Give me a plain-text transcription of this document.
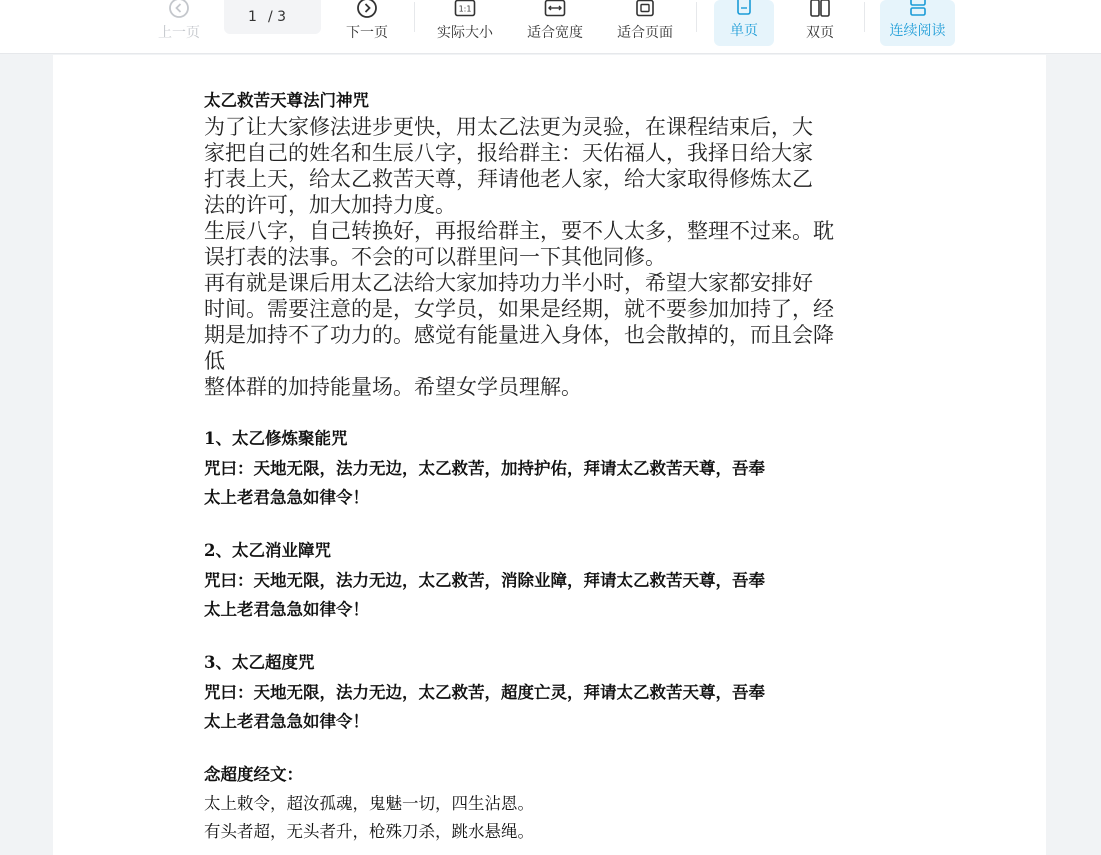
上一页
1 / 3
下一页
1:1
实际大小 适合宽度 适合页面	单页	双页	连续阅读
太乙救苦天尊法门神咒
为了让大家修法进步更快，用太乙法更为灵验，在课程结束后，大
家把自己的姓名和生辰八字，报给群主：天佑福人，我择日给大家
打表上天，给太乙救苦天尊，拜请他老人家，给大家取得修炼太乙
法的许可，加大加持力度。
生辰八字，自己转换好，再报给群主，要不人太多，整理不过来。耽
误打表的法事。不会的可以群里问一下其他同修。
再有就是课后用太乙法给大家加持功力半小时，希望大家都安排好
时间。需要注意的是，女学员，如果是经期，就不要参加加持了，经
期是加持不了功力的。感觉有能量进入身体，也会散掉的，而且会降
低
整体群的加持能量场。希望女学员理解。
1、太乙修炼聚能咒
咒曰：天地无限，法力无边，太乙救苦，加持护佑，拜请太乙救苦天尊，吾奉
太上老君急急如律令！
2、太乙消业障咒
咒曰：天地无限，法力无边，太乙救苦，消除业障，拜请太乙救苦天尊，吾奉
太上老君急急如律令！
3、太乙超度咒
咒曰：天地无限，法力无边，太乙救苦，超度亡灵，拜请太乙救苦天尊，吾奉
太上老君急急如律令！
念超度经文：
太上敕令，超汝孤魂，鬼魅一切，四生沾恩。
有头者超，无头者升，枪殊刀杀，跳水悬绳。
